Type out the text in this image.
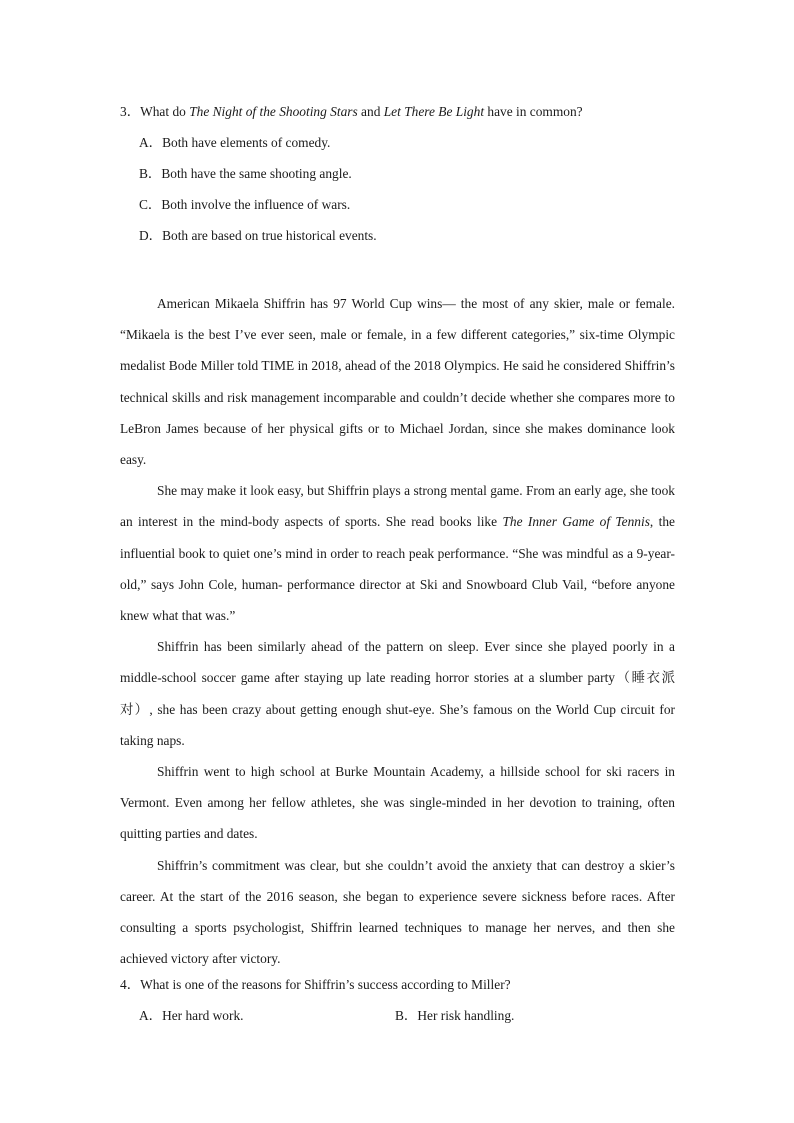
3．What do The Night of the Shooting Stars and Let There Be Light have in common?
A．Both have elements of comedy.
B．Both have the same shooting angle.
C．Both involve the influence of wars.
D．Both are based on true historical events.

American Mikaela Shiffrin has 97 World Cup wins— the most of any skier, male or female. “Mikaela is the best I’ve ever seen, male or female, in a few different categories,” six-time Olympic medalist Bode Miller told TIME in 2018, ahead of the 2018 Olympics. He said he considered Shiffrin’s technical skills and risk management incomparable and couldn’t decide whether she compares more to LeBron James because of her physical gifts or to Michael Jordan, since she makes dominance look easy.

She may make it look easy, but Shiffrin plays a strong mental game. From an early age, she took an interest in the mind-body aspects of sports. She read books like The Inner Game of Tennis, the influential book to quiet one’s mind in order to reach peak performance. “She was mindful as a 9-year-old,” says John Cole, human- performance director at Ski and Snowboard Club Vail, “before anyone knew what that was.”

Shiffrin has been similarly ahead of the pattern on sleep. Ever since she played poorly in a middle-school soccer game after staying up late reading horror stories at a slumber party（睡衣派对）, she has been crazy about getting enough shut-eye. She’s famous on the World Cup circuit for taking naps.

Shiffrin went to high school at Burke Mountain Academy, a hillside school for ski racers in Vermont. Even among her fellow athletes, she was single-minded in her devotion to training, often quitting parties and dates.

Shiffrin’s commitment was clear, but she couldn’t avoid the anxiety that can destroy a skier’s career. At the start of the 2016 season, she began to experience severe sickness before races. After consulting a sports psychologist, Shiffrin learned techniques to manage her nerves, and then she achieved victory after victory.

4．What is one of the reasons for Shiffrin’s success according to Miller?
A．Her hard work.	B．Her risk handling.
